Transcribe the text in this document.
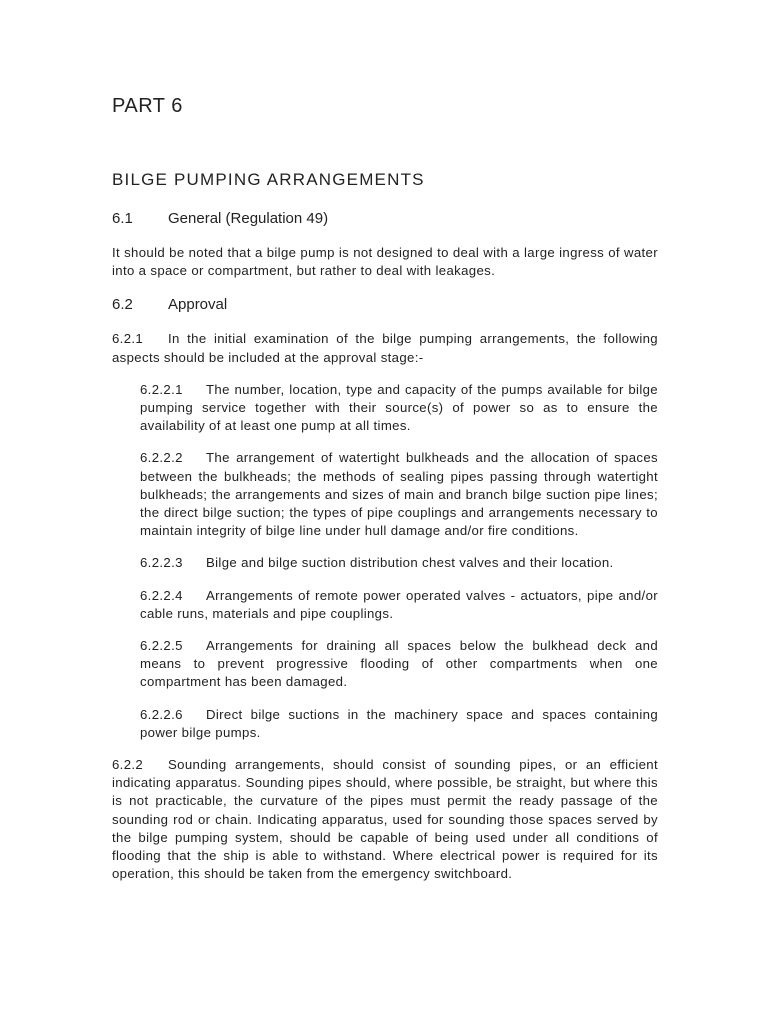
PART 6
BILGE PUMPING ARRANGEMENTS
6.1	General (Regulation 49)

It should be noted that a bilge pump is not designed to deal with a large ingress of water into a space or compartment, but rather to deal with leakages.

6.2	Approval

6.2.1 In the initial examination of the bilge pumping arrangements, the following aspects should be included at the approval stage:-

6.2.2.1 The number, location, type and capacity of the pumps available for bilge pumping service together with their source(s) of power so as to ensure the availability of at least one pump at all times.

6.2.2.2 The arrangement of watertight bulkheads and the allocation of spaces between the bulkheads; the methods of sealing pipes passing through watertight bulkheads; the arrangements and sizes of main and branch bilge suction pipe lines; the direct bilge suction; the types of pipe couplings and arrangements necessary to maintain integrity of bilge line under hull damage and/or fire conditions.

6.2.2.3 Bilge and bilge suction distribution chest valves and their location.

6.2.2.4 Arrangements of remote power operated valves - actuators, pipe and/or cable runs, materials and pipe couplings.

6.2.2.5 Arrangements for draining all spaces below the bulkhead deck and means to prevent progressive flooding of other compartments when one compartment has been damaged.

6.2.2.6 Direct bilge suctions in the machinery space and spaces containing power bilge pumps.

6.2.2 Sounding arrangements, should consist of sounding pipes, or an efficient indicating apparatus. Sounding pipes should, where possible, be straight, but where this is not practicable, the curvature of the pipes must permit the ready passage of the sounding rod or chain. Indicating apparatus, used for sounding those spaces served by the bilge pumping system, should be capable of being used under all conditions of flooding that the ship is able to withstand. Where electrical power is required for its operation, this should be taken from the emergency switchboard.
